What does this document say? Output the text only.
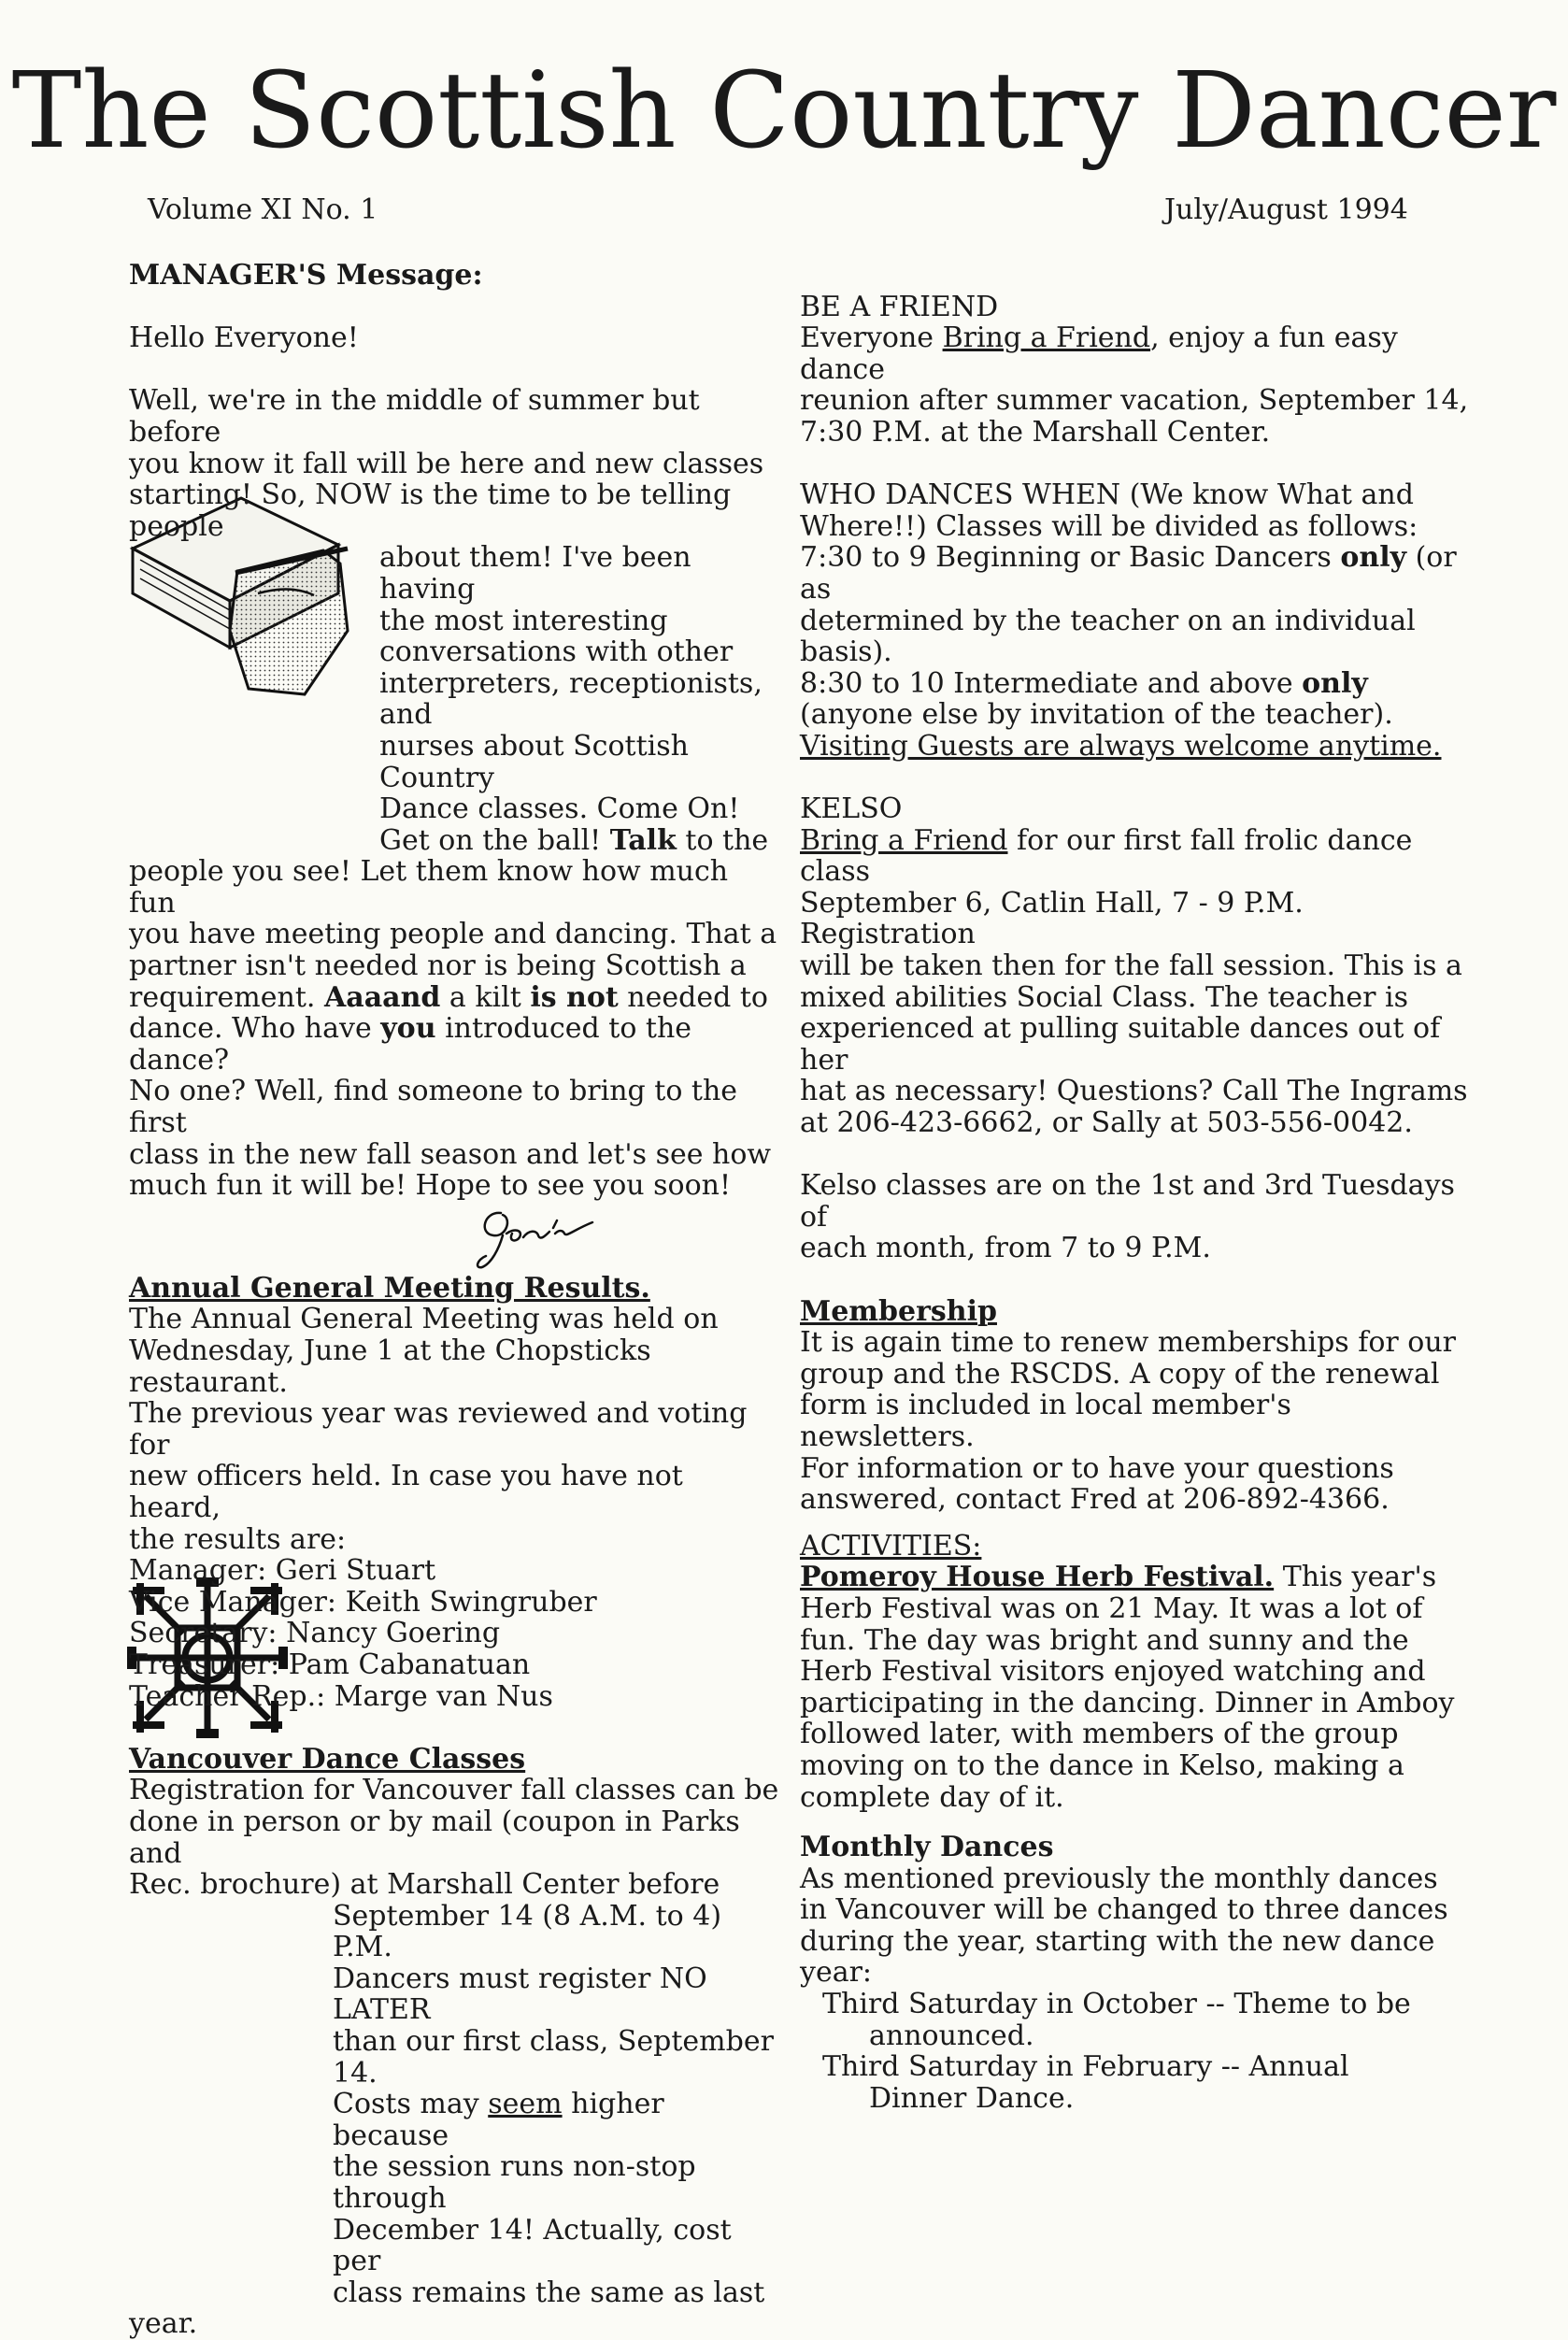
The Scottish Country Dancer
Volume XI No. 1	July/August 1994

MANAGER'S Message:

Hello Everyone!

Well, we're in the middle of summer but before

you know it fall will be here and new classes

starting! So, NOW is the time to be telling people

about them! I've been having

the most interesting

conversations with other

interpreters, receptionists, and

nurses about Scottish Country

Dance classes. Come On!

Get on the ball! Talk to the

people you see! Let them know how much fun

you have meeting people and dancing. That a

partner isn't needed nor is being Scottish a

requirement. Aaaand a kilt is not needed to

dance. Who have you introduced to the dance?

No one? Well, find someone to bring to the first

class in the new fall season and let's see how

much fun it will be! Hope to see you soon!

Annual General Meeting Results.

The Annual General Meeting was held on

Wednesday, June 1 at the Chopsticks restaurant.

The previous year was reviewed and voting for

new officers held. In case you have not heard,

the results are:

Manager: Geri Stuart

Vice Manager: Keith Swingruber

Secretary: Nancy Goering

Treasurer: Pam Cabanatuan

Teacher Rep.: Marge van Nus

Vancouver Dance Classes

Registration for Vancouver fall classes can be

done in person or by mail (coupon in Parks and

Rec. brochure) at Marshall Center before

September 14 (8 A.M. to 4) P.M.

Dancers must register NO LATER

than our first class, September 14.

Costs may seem higher because

the session runs non-stop through

December 14! Actually, cost per

class remains the same as last

year.

BE A FRIEND

Everyone Bring a Friend, enjoy a fun easy dance

reunion after summer vacation, September 14,

7:30 P.M. at the Marshall Center.

WHO DANCES WHEN (We know What and

Where!!) Classes will be divided as follows:

7:30 to 9 Beginning or Basic Dancers only (or as

determined by the teacher on an individual

basis).

8:30 to 10 Intermediate and above only

(anyone else by invitation of the teacher).

Visiting Guests are always welcome anytime.

KELSO

Bring a Friend for our first fall frolic dance class

September 6, Catlin Hall, 7 - 9 P.M. Registration

will be taken then for the fall session. This is a

mixed abilities Social Class. The teacher is

experienced at pulling suitable dances out of her

hat as necessary! Questions? Call The Ingrams

at 206-423-6662, or Sally at 503-556-0042.

Kelso classes are on the 1st and 3rd Tuesdays of

each month, from 7 to 9 P.M.

Membership

It is again time to renew memberships for our

group and the RSCDS. A copy of the renewal

form is included in local member's newsletters.

For information or to have your questions

answered, contact Fred at 206-892-4366.

ACTIVITIES:

Pomeroy House Herb Festival. This year's

Herb Festival was on 21 May. It was a lot of

fun. The day was bright and sunny and the

Herb Festival visitors enjoyed watching and

participating in the dancing. Dinner in Amboy

followed later, with members of the group

moving on to the dance in Kelso, making a

complete day of it.

Monthly Dances

As mentioned previously the monthly dances

in Vancouver will be changed to three dances

during the year, starting with the new dance

year:

Third Saturday in October -- Theme to be

announced.

Third Saturday in February -- Annual

Dinner Dance.
